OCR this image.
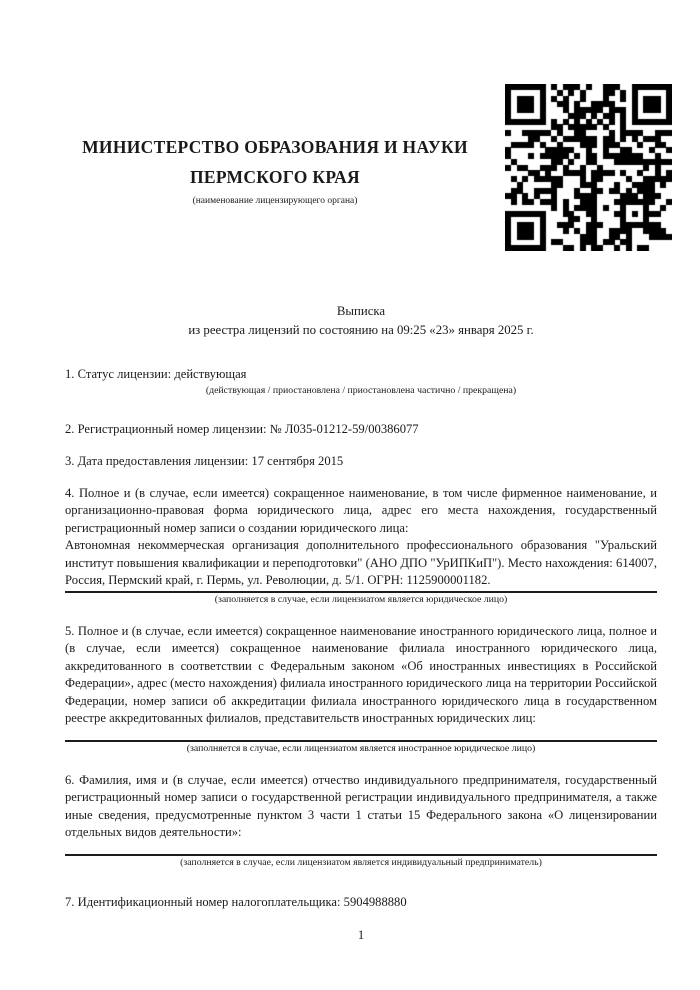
МИНИСТЕРСТВО ОБРАЗОВАНИЯ И НАУКИ
ПЕРМСКОГО КРАЯ
(наименование лицензирующего органа)
Выписка
из реестра лицензий по состоянию на 09:25 «23» января 2025 г.

1. Статус лицензии: действующая

(действующая / приостановлена / приостановлена частично / прекращена)

2. Регистрационный номер лицензии: № Л035-01212-59/00386077

3. Дата предоставления лицензии: 17 сентября 2015

4. Полное и (в случае, если имеется) сокращенное наименование, в том числе фирменное наименование, и организационно-правовая форма юридического лица, адрес его места нахождения, государственный регистрационный номер записи о создании юридического лица:

Автономная некоммерческая организация дополнительного профессионального образования "Уральский институт повышения квалификации и переподготовки" (АНО ДПО "УрИПКиП"). Место нахождения: 614007, Россия, Пермский край, г. Пермь, ул. Революции, д. 5/1. ОГРН: 1125900001182.

(заполняется в случае, если лицензиатом является юридическое лицо)

5. Полное и (в случае, если имеется) сокращенное наименование иностранного юридического лица, полное и (в случае, если имеется) сокращенное наименование филиала иностранного юридического лица, аккредитованного в соответствии с Федеральным законом «Об иностранных инвестициях в Российской Федерации», адрес (место нахождения) филиала иностранного юридического лица на территории Российской Федерации, номер записи об аккредитации филиала иностранного юридического лица в государственном реестре аккредитованных филиалов, представительств иностранных юридических лиц:

(заполняется в случае, если лицензиатом является иностранное юридическое лицо)

6. Фамилия, имя и (в случае, если имеется) отчество индивидуального предпринимателя, государственный регистрационный номер записи о государственной регистрации индивидуального предпринимателя, а также иные сведения, предусмотренные пунктом 3 части 1 статьи 15 Федерального закона «О лицензировании отдельных видов деятельности»:

(заполняется в случае, если лицензиатом является индивидуальный предприниматель)

7. Идентификационный номер налогоплательщика: 5904988880

1
